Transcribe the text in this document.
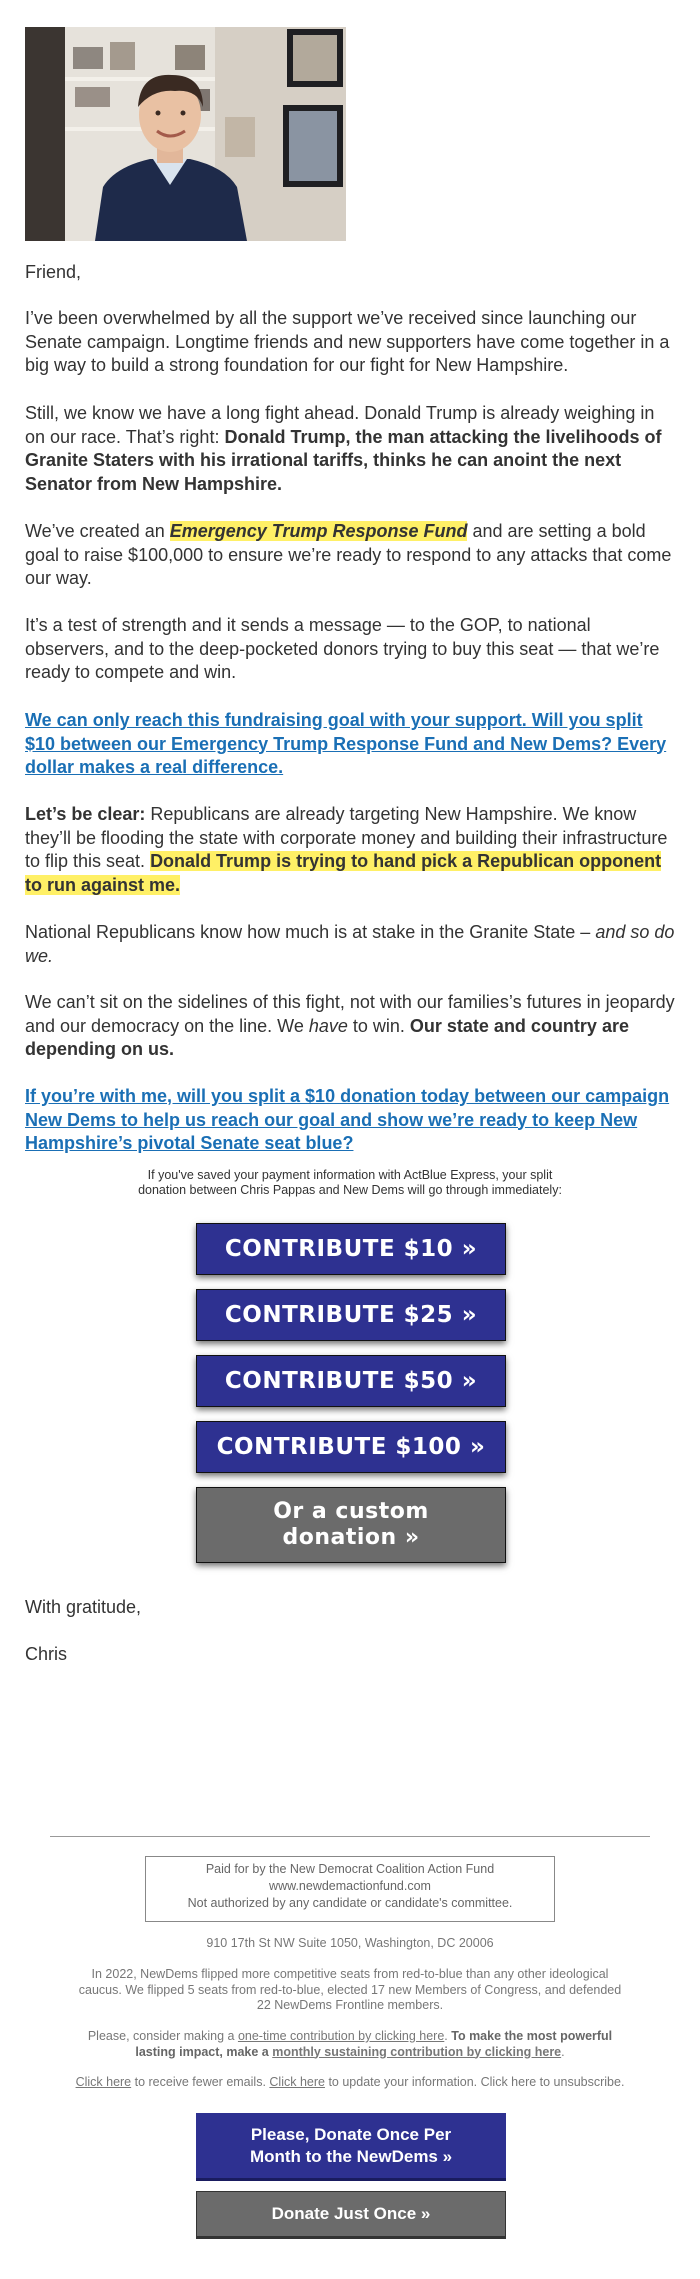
Friend,

I’ve been overwhelmed by all the support we’ve received since launching our Senate campaign. Longtime friends and new supporters have come together in a big way to build a strong foundation for our fight for New Hampshire.

Still, we know we have a long fight ahead. Donald Trump is already weighing in on our race. That’s right: Donald Trump, the man attacking the livelihoods of Granite Staters with his irrational tariffs, thinks he can anoint the next Senator from New Hampshire.

We’ve created an Emergency Trump Response Fund and are setting a bold goal to raise $100,000 to ensure we’re ready to respond to any attacks that come our way.

It’s a test of strength and it sends a message — to the GOP, to national observers, and to the deep-pocketed donors trying to buy this seat — that we’re ready to compete and win.

We can only reach this fundraising goal with your support. Will you split $10 between our Emergency Trump Response Fund and New Dems? Every dollar makes a real difference.

Let’s be clear: Republicans are already targeting New Hampshire. We know they’ll be flooding the state with corporate money and building their infrastructure to flip this seat. Donald Trump is trying to hand pick a Republican opponent to run against me.

National Republicans know how much is at stake in the Granite State – and so do we.

We can’t sit on the sidelines of this fight, not with our families’s futures in jeopardy and our democracy on the line. We have to win. Our state and country are depending on us.

If you’re with me, will you split a $10 donation today between our campaign New Dems to help us reach our goal and show we’re ready to keep New Hampshire’s pivotal Senate seat blue?

If you've saved your payment information with ActBlue Express, your split
donation between Chris Pappas and New Dems will go through immediately:
CONTRIBUTE $10 »
CONTRIBUTE $25 »
CONTRIBUTE $50 »
CONTRIBUTE $100 »
Or a custom
donation »

With gratitude,

Chris

Paid for by the New Democrat Coalition Action Fund
www.newdemactionfund.com
Not authorized by any candidate or candidate's committee.
910 17th St NW Suite 1050, Washington, DC 20006
In 2022, NewDems flipped more competitive seats from red-to-blue than any other ideological
caucus. We flipped 5 seats from red-to-blue, elected 17 new Members of Congress, and defended
22 NewDems Frontline members.
Please, consider making a one-time contribution by clicking here. To make the most powerful lasting impact, make a monthly sustaining contribution by clicking here.
Click here to receive fewer emails. Click here to update your information. Click here to unsubscribe.
Please, Donate Once Per
Month to the NewDems »
Donate Just Once »
